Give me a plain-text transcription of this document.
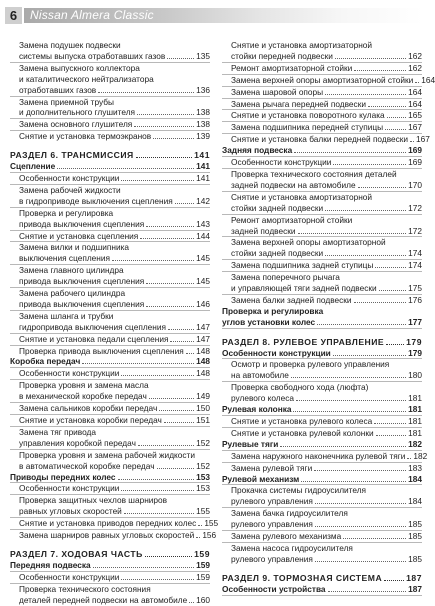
6	Nissan Almera Classic
Замена подушек подвески
системы выпуска отработавших газов	135
Замена выпускного коллектора
и каталитического нейтрализатора
отработавших газов	136
Замена приемной трубы
и дополнительного глушителя	138
Замена основного глушителя	138
Снятие и установка термоэкранов	139
РАЗДЕЛ 6. ТРАНСМИССИЯ	141
Сцепление	141
Особенности конструкции	141
Замена рабочей жидкости
в гидроприводе выключения сцепления	142
Проверка и регулировка
привода выключения сцепления	143
Снятие и установка сцепления	144
Замена вилки и подшипника
выключения сцепления	145
Замена главного цилиндра
привода выключения сцепления	145
Замена рабочего цилиндра
привода выключения сцепления	146
Замена шланга и трубки
гидропривода выключения сцепления	147
Снятие и установка педали сцепления	147
Проверка привода выключения сцепления 148
Коробка передач	148
Особенности конструкции	148
Проверка уровня и замена масла
в механической коробке передач	149
Замена сальников коробки передач	150
Снятие и установка коробки передач	151
Замена тяг привода
управления коробкой передач	152
Проверка уровня и замена рабочей жидкости
в автоматической коробке передач	152
Приводы передних колес	153
Особенности конструкции	153
Проверка защитных чехлов шарниров
равных угловых скоростей	155
Снятие и установка приводов передних колес 155
Замена шарниров равных угловых скоростей 156
РАЗДЕЛ 7. ХОДОВАЯ ЧАСТЬ	159
Передняя подвеска	159
Особенности конструкции	159
Проверка технического состояния
деталей передней подвески на автомобиле 160
Снятие и установка амортизаторной
стойки передней подвески	162
Ремонт амортизаторной стойки	162
Замена верхней опоры амортизаторной стойки 164
Замена шаровой опоры	164
Замена рычага передней подвески	164
Снятие и установка поворотного кулака	165
Замена подшипника передней ступицы	167
Снятие и установка балки передней подвески 167
Задняя подвеска	169
Особенности конструкции	169
Проверка технического состояния деталей
задней подвески на автомобиле	170
Снятие и установка амортизаторной
стойки задней подвески	172
Ремонт амортизаторной стойки
задней подвески	172
Замена верхней опоры амортизаторной
стойки задней подвески	174
Замена подшипника задней ступицы	174
Замена поперечного рычага
и управляющей тяги задней подвески	175
Замена балки задней подвески	176
Проверка и регулировка
углов установки колес	177
РАЗДЕЛ 8. РУЛЕВОЕ УПРАВЛЕНИЕ	179
Особенности конструкции	179
Осмотр и проверка рулевого управления
на автомобиле	180
Проверка свободного хода (люфта)
рулевого колеса	181
Рулевая колонка	181
Снятие и установка рулевого колеса	181
Снятие и установка рулевой колонки	181
Рулевые тяги	182
Замена наружного наконечника рулевой тяги 182
Замена рулевой тяги	183
Рулевой механизм	184
Прокачка системы гидроусилителя
рулевого управления	184
Замена бачка гидроусилителя
рулевого управления	185
Замена рулевого механизма	185
Замена насоса гидроусилителя
рулевого управления	185
РАЗДЕЛ 9. ТОРМОЗНАЯ СИСТЕМА	187
Особенности устройства	187
